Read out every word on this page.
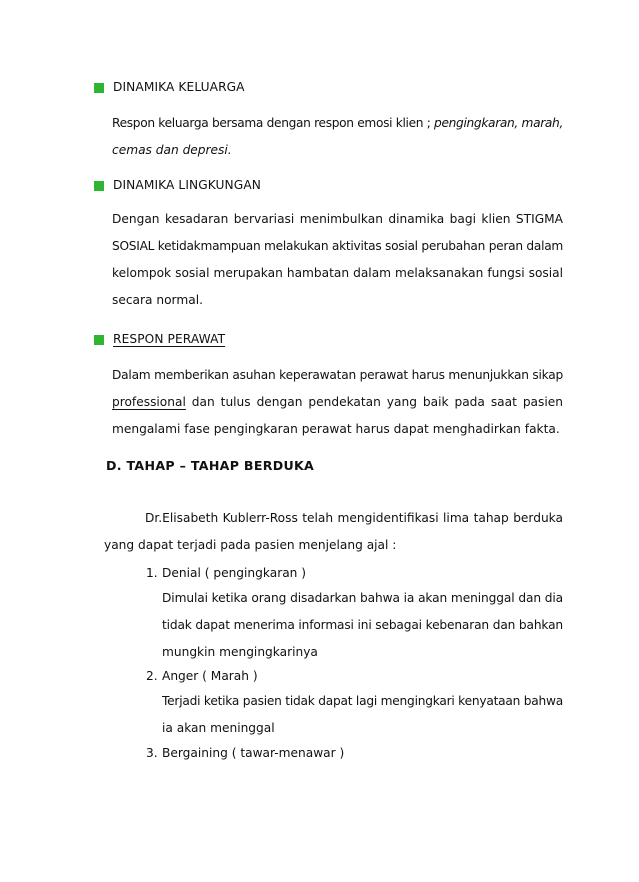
DINAMIKA KELUARGA
Respon keluarga bersama dengan respon emosi klien ; pengingkaran, marah,
cemas dan depresi.
DINAMIKA LINGKUNGAN
Dengan kesadaran bervariasi menimbulkan dinamika bagi klien STIGMA
SOSIAL ketidakmampuan melakukan aktivitas sosial perubahan peran dalam
kelompok sosial merupakan hambatan dalam melaksanakan fungsi sosial
secara normal.
RESPON PERAWAT
Dalam memberikan asuhan keperawatan perawat harus menunjukkan sikap
professional dan tulus dengan pendekatan yang baik pada saat pasien
mengalami fase pengingkaran perawat harus dapat menghadirkan fakta.
D. TAHAP – TAHAP BERDUKA
Dr.Elisabeth Kublerr-Ross telah mengidentifikasi lima tahap berduka
yang dapat terjadi pada pasien menjelang ajal :
1. Denial ( pengingkaran )
Dimulai ketika orang disadarkan bahwa ia akan meninggal dan dia
tidak dapat menerima informasi ini sebagai kebenaran dan bahkan
mungkin mengingkarinya
2. Anger ( Marah )
Terjadi ketika pasien tidak dapat lagi mengingkari kenyataan bahwa
ia akan meninggal
3. Bergaining ( tawar-menawar )
